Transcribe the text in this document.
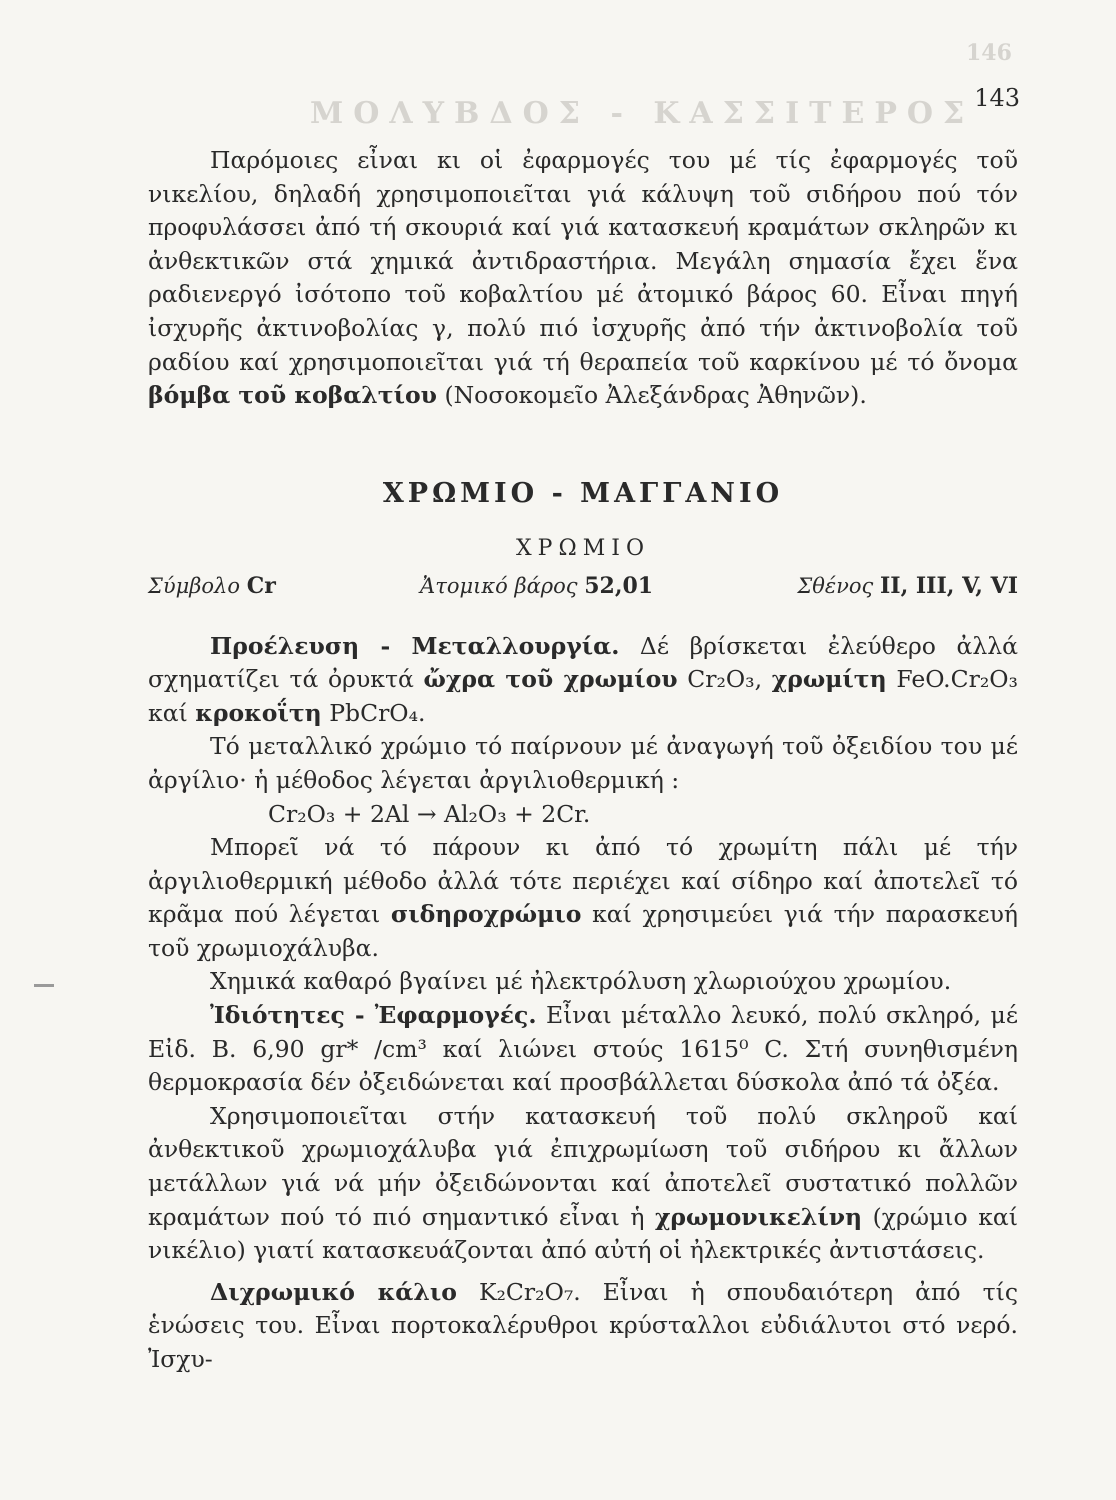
146
ΜΟΛΥΒΔΟΣ - ΚΑΣΣΙΤΕΡΟΣ 143

Παρόμοιες εἶναι κι οἱ ἐφαρμογές του μέ τίς ἐφαρμογές τοῦ νικελίου, δηλαδή χρησιμοποιεῖται γιά κάλυψη τοῦ σιδήρου πού τόν προφυλάσσει ἀπό τή σκουριά καί γιά κατασκευή κραμάτων σκληρῶν κι ἀνθεκτικῶν στά χημικά ἀντιδραστήρια. Μεγάλη σημασία ἔχει ἕνα ραδιενεργό ἰσότοπο τοῦ κοβαλτίου μέ ἀτομικό βάρος 60. Εἶναι πηγή ἰσχυρῆς ἀκτινοβολίας γ, πολύ πιό ἰσχυρῆς ἀπό τήν ἀκτινοβολία τοῦ ραδίου καί χρησιμοποιεῖται γιά τή θεραπεία τοῦ καρκίνου μέ τό ὄνομα βόμβα τοῦ κοβαλτίου (Νοσοκομεῖο Ἀλεξάνδρας Ἀθηνῶν).

ΧΡΩΜΙΟ - ΜΑΓΓΑΝΙΟ
ΧΡΩΜΙΟ
Σύμβολο Cr	Ἀτομικό βάρος 52,01	Σθένος II, III, V, VI

Προέλευση - Μεταλλουργία. Δέ βρίσκεται ἐλεύθερο ἀλλά σχηματίζει τά ὀρυκτά ὤχρα τοῦ χρωμίου Cr₂O₃, χρωμίτη FeO.Cr₂O₃ καί κροκοΐτη PbCrO₄.

Τό μεταλλικό χρώμιο τό παίρνουν μέ ἀναγωγή τοῦ ὀξειδίου του μέ ἀργίλιο· ἡ μέθοδος λέγεται ἀργιλιοθερμική :

Cr₂O₃ + 2Al → Al₂O₃ + 2Cr.

Μπορεῖ νά τό πάρουν κι ἀπό τό χρωμίτη πάλι μέ τήν ἀργιλιοθερμική μέθοδο ἀλλά τότε περιέχει καί σίδηρο καί ἀποτελεῖ τό κρᾶμα πού λέγεται σιδηροχρώμιο καί χρησιμεύει γιά τήν παρασκευή τοῦ χρωμιοχάλυβα.

Χημικά καθαρό βγαίνει μέ ἠλεκτρόλυση χλωριούχου χρωμίου.

Ἰδιότητες - Ἐφαρμογές. Εἶναι μέταλλο λευκό, πολύ σκληρό, μέ Εἰδ. Β. 6,90 gr* /cm³ καί λιώνει στούς 1615⁰ C. Στή συνηθισμένη θερμοκρασία δέν ὀξειδώνεται καί προσβάλλεται δύσκολα ἀπό τά ὀξέα.

Χρησιμοποιεῖται στήν κατασκευή τοῦ πολύ σκληροῦ καί ἀνθεκτικοῦ χρωμιοχάλυβα γιά ἐπιχρωμίωση τοῦ σιδήρου κι ἄλλων μετάλλων γιά νά μήν ὀξειδώνονται καί ἀποτελεῖ συστατικό πολλῶν κραμάτων πού τό πιό σημαντικό εἶναι ἡ χρωμονικελίνη (χρώμιο καί νικέλιο) γιατί κατασκευάζονται ἀπό αὐτή οἱ ἠλεκτρικές ἀντιστάσεις.

Διχρωμικό κάλιο K₂Cr₂O₇. Εἶναι ἡ σπουδαιότερη ἀπό τίς ἑνώσεις του. Εἶναι πορτοκαλέρυθροι κρύσταλλοι εὐδιάλυτοι στό νερό. Ἰσχυ-
